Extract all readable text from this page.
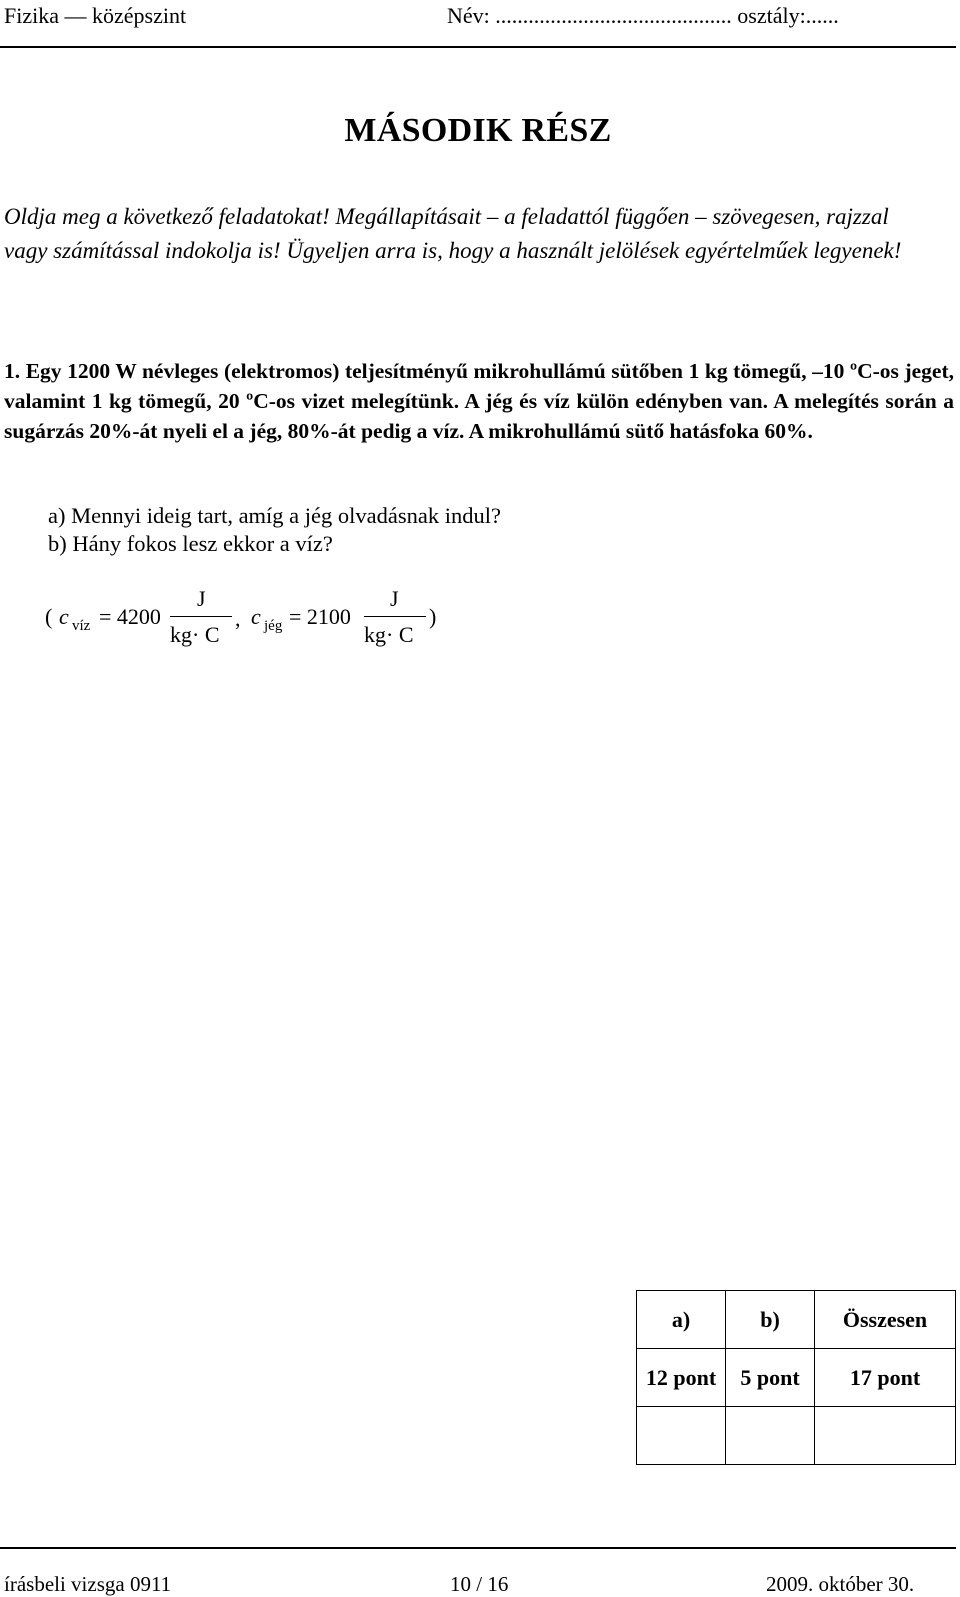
Fizika — középszint	Név: ........................................... osztály:......
MÁSODIK RÉSZ
Oldja meg a következő feladatokat! Megállapításait – a feladattól függően – szövegesen, rajzzal vagy számítással indokolja is! Ügyeljen arra is, hogy a használt jelölések egyértelműek legyenek!
1. Egy 1200 W névleges (elektromos) teljesítményű mikrohullámú sütőben 1 kg tömegű, –10 ºC-os jeget, valamint 1 kg tömegű, 20 ºC-os vizet melegítünk. A jég és víz külön edényben van. A melegítés során a sugárzás 20%-át nyeli el a jég, 80%-át pedig a víz. A mikrohullámú sütő hatásfoka 60%.
a) Mennyi ideig tart, amíg a jég olvadásnak indul?
b) Hány fokos lesz ekkor a víz?
( c víz = 4200
J
kg· C
, c jég = 2100
J
kg· C
)
a)	b)	Összesen
12 pont	5 pont	17 pont

írásbeli vizsga 0911	10 / 16	2009. október 30.
